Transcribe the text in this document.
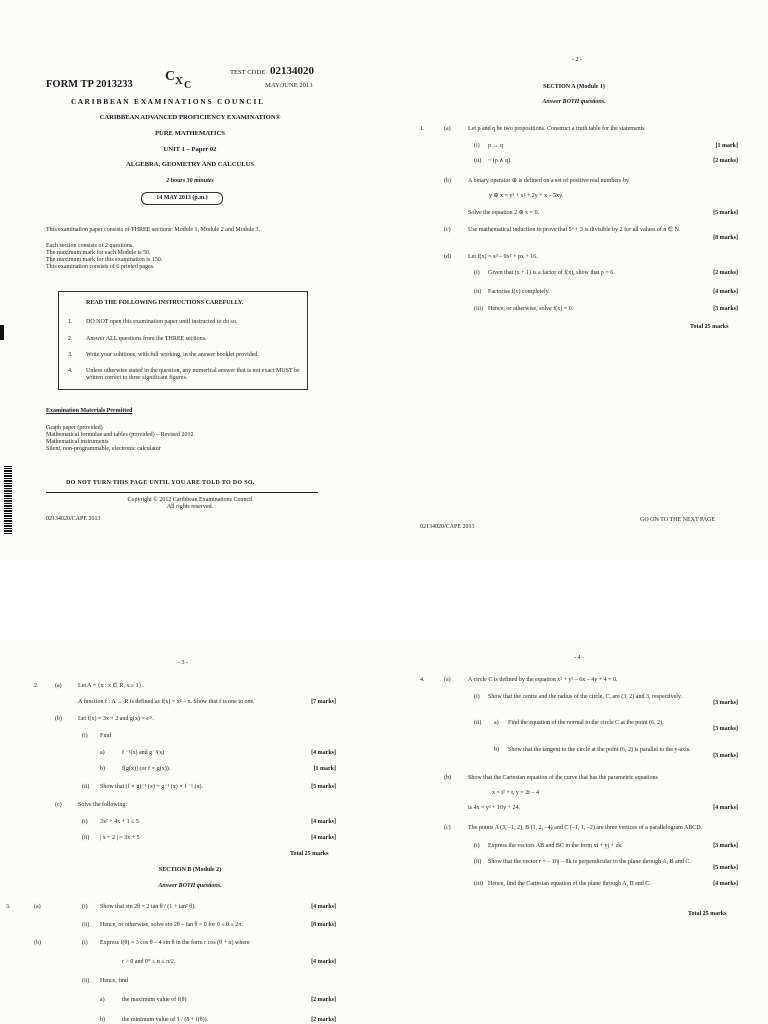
FORM TP 2013233
C X C
TEST CODE 02134020
MAY/JUNE 2013
C A R I B B E A N   E X A M I N A T I O N S   C O U N C I L
CARIBBEAN ADVANCED PROFICIENCY EXAMINATION®
PURE MATHEMATICS
UNIT 1 – Paper 02
ALGEBRA, GEOMETRY AND CALCULUS
2 hours 30 minutes
14 MAY 2013 (p.m.)
This examination paper consists of THREE sections: Module 1, Module 2 and Module 3.
Each section consists of 2 questions.
The maximum mark for each Module is 50.
The maximum mark for this examination is 150.
This examination consists of 6 printed pages.
READ THE FOLLOWING INSTRUCTIONS CAREFULLY.
1. DO NOT open this examination paper until instructed to do so.
2. Answer ALL questions from the THREE sections.
3. Write your solutions, with full working, in the answer booklet provided.
4. Unless otherwise stated in the question, any numerical answer that is not exact MUST be written correct to three significant figures.
Examination Materials Permitted
Graph paper (provided)
Mathematical formulae and tables (provided) – Revised 2012
Mathematical instruments
Silent, non-programmable, electronic calculator
DO NOT TURN THIS PAGE UNTIL YOU ARE TOLD TO DO SO.
Copyright © 2012 Caribbean Examinations Council
All rights reserved.
02134020/CAPE 2013
- 2 -
SECTION A (Module 1)
Answer BOTH questions.
1.	(a)	Let p and q be two propositions. Construct a truth table for the statements
(i) p → q	[1 mark]
(ii) ~ (p ∧ q).	[2 marks]
(b)	A binary operator ⊕ is defined on a set of positive real numbers by
y ⊕ x = y³ + x² + 2y + x – 5xy.
Solve the equation 2 ⊕ x = 0.	[5 marks]
(c)	Use mathematical induction to prove that 5ⁿ + 3 is divisible by 2 for all values of n ∈ N.
[8 marks]
(d)	Let f(x) = x³ – 9x² + px + 16.
(i) Given that (x + 1) is a factor of f(x), show that p = 6.	[2 marks]
(ii) Factorise f(x) completely.	[4 marks]
(iii) Hence, or otherwise, solve f(x) = 0.	[3 marks]
Total 25 marks
02134020/CAPE 2013
GO ON TO THE NEXT PAGE
- 3 -
2.	(a)	Let A = {x : x ∈ R, x ≥ 1}.
A function f : A → R is defined as f(x) = x² – x. Show that f is one to one.	[7 marks]
(b)	Let f(x) = 3x + 2 and g(x) = e²ˣ.
(i) Find
a)	f ⁻¹(x) and g⁻¹(x)	[4 marks]
b)	f[g(x)] (or f ∘ g(x)).	[1 mark]
(ii) Show that (f ∘ g)⁻¹ (x) = g⁻¹ (x) ∘ f ⁻¹ (x).	[5 marks]
(c)	Solve the following:
(i) 3x² + 4x + 1 ≤ 5	[4 marks]
(ii) | x + 2 | = 3x + 5	[4 marks]
Total 25 marks
SECTION B (Module 2)
Answer BOTH questions.
3.	(a)	(i) Show that sin 2θ = 2 tan θ / (1 + tan² θ).	[4 marks]
(ii) Hence, or otherwise, solve sin 2θ – tan θ = 0 for 0 ≤ θ ≤ 2π.	[8 marks]
(b)	(i) Express f(θ) = 3 cos θ – 4 sin θ in the form r cos (θ + α) where
r > 0 and 0° ≤ α ≤ π/2.	[4 marks]
(ii) Hence, find
a)	the maximum value of f(θ)	[2 marks]
b)	the minimum value of 1 / (8 + f(θ)).	[2 marks]
- 4 -
4.	(a)	A circle C is defined by the equation x² + y² – 6x – 4y + 4 = 0.
(i) Show that the centre and the radius of the circle, C, are (3, 2) and 3, respectively.
[3 marks]
(ii) a) Find the equation of the normal to the circle C at the point (6, 2).
[3 marks]
b) Show that the tangent to the circle at the point (6, 2) is parallel to the y-axis.
[3 marks]
(b)	Show that the Cartesian equation of the curve that has the parametric equations
x = t² + t, y = 2t – 4
is 4x = y² + 10y + 24.	[4 marks]
(c)	The points A (3, –1, 2), B (1, 2, –4) and C (–1, 1, –2) are three vertices of a parallelogram ABCD.
(i) Express the vectors AB and BC in the form xi + yj + zk.	[3 marks]
(ii) Show that the vector r = – 16j – 8k is perpendicular to the plane through A, B and C.
[5 marks]
(iii) Hence, find the Cartesian equation of the plane through A, B and C.	[4 marks]
Total 25 marks
